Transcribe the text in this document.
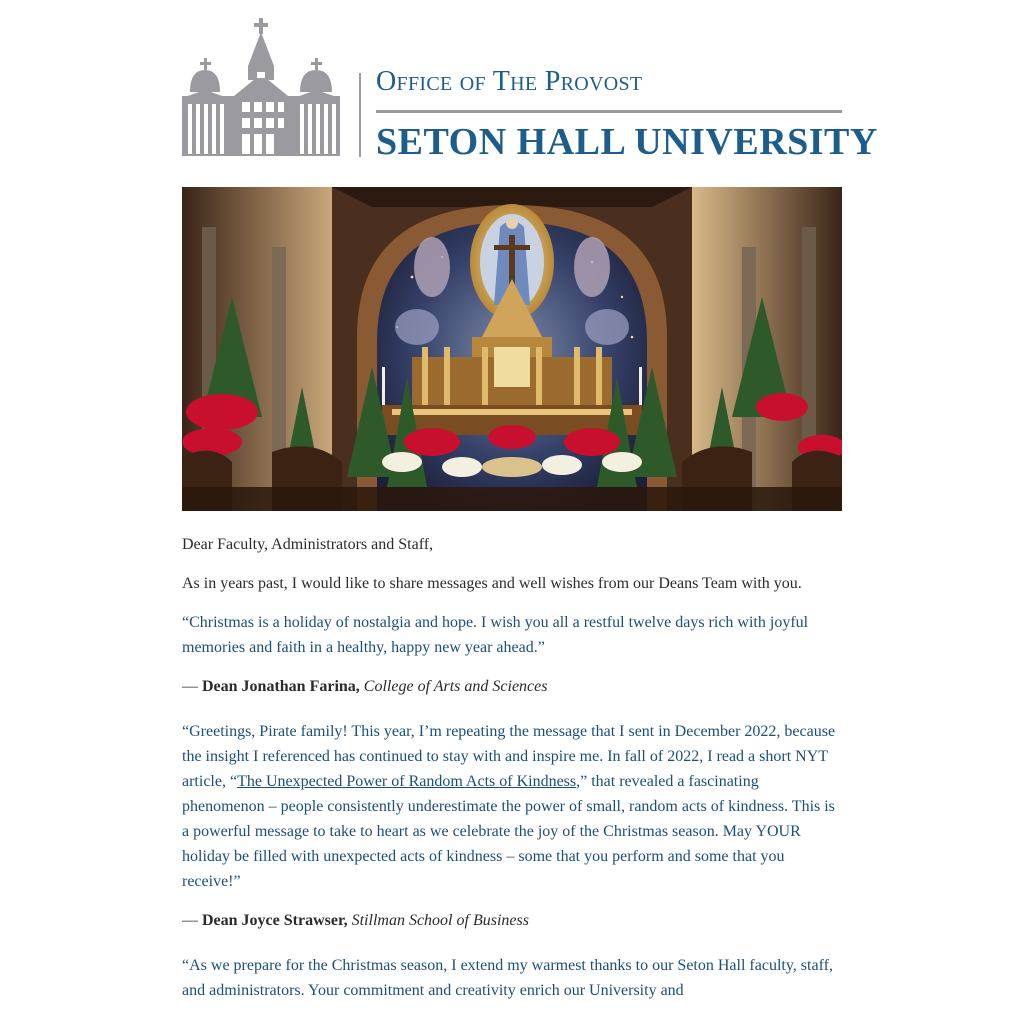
Office of The Provost
SETON HALL UNIVERSITY

Dear Faculty, Administrators and Staff,

As in years past, I would like to share messages and well wishes from our Deans Team with you.

“Christmas is a holiday of nostalgia and hope. I wish you all a restful twelve days rich with joyful memories and faith in a healthy, happy new year ahead.”

— Dean Jonathan Farina, College of Arts and Sciences

“Greetings, Pirate family! This year, I’m repeating the message that I sent in December 2022, because the insight I referenced has continued to stay with and inspire me. In fall of 2022, I read a short NYT article, “The Unexpected Power of Random Acts of Kindness,” that revealed a fascinating phenomenon – people consistently underestimate the power of small, random acts of kindness. This is a powerful message to take to heart as we celebrate the joy of the Christmas season. May YOUR holiday be filled with unexpected acts of kindness – some that you perform and some that you receive!”

— Dean Joyce Strawser, Stillman School of Business

“As we prepare for the Christmas season, I extend my warmest thanks to our Seton Hall faculty, staff, and administrators. Your commitment and creativity enrich our University and
